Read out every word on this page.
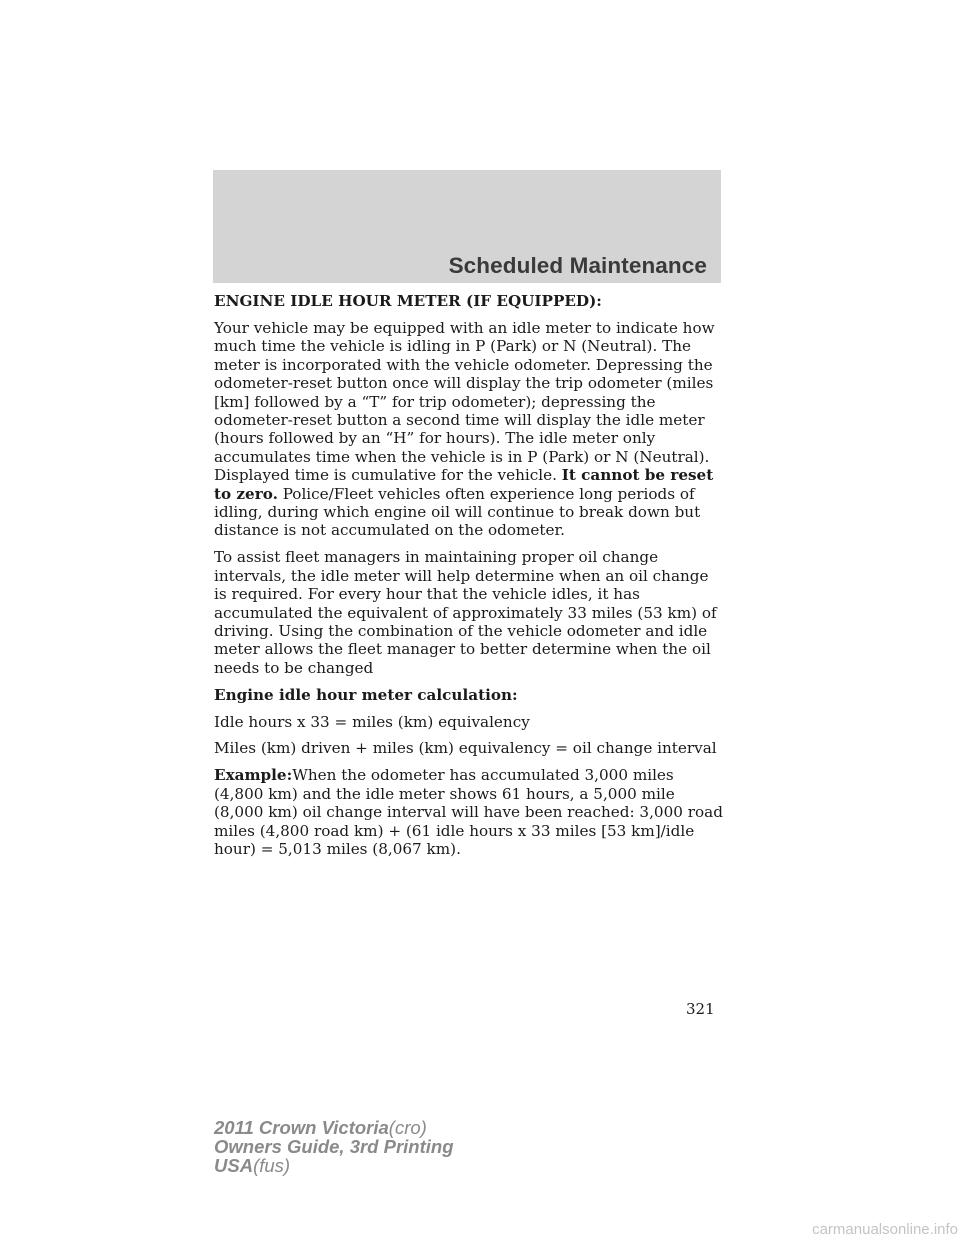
Scheduled Maintenance

ENGINE IDLE HOUR METER (IF EQUIPPED):

Your vehicle may be equipped with an idle meter to indicate how much time the vehicle is idling in P (Park) or N (Neutral). The meter is incorporated with the vehicle odometer. Depressing the odometer-reset button once will display the trip odometer (miles [km] followed by a “T” for trip odometer); depressing the odometer-reset button a second time will display the idle meter (hours followed by an “H” for hours). The idle meter only accumulates time when the vehicle is in P (Park) or N (Neutral). Displayed time is cumulative for the vehicle. It cannot be reset to zero. Police/Fleet vehicles often experience long periods of idling, during which engine oil will continue to break down but distance is not accumulated on the odometer.

To assist fleet managers in maintaining proper oil change intervals, the idle meter will help determine when an oil change is required. For every hour that the vehicle idles, it has accumulated the equivalent of approximately 33 miles (53 km) of driving. Using the combination of the vehicle odometer and idle meter allows the fleet manager to better determine when the oil needs to be changed

Engine idle hour meter calculation:

Idle hours x 33 = miles (km) equivalency

Miles (km) driven + miles (km) equivalency = oil change interval

Example:When the odometer has accumulated 3,000 miles (4,800 km) and the idle meter shows 61 hours, a 5,000 mile (8,000 km) oil change interval will have been reached: 3,000 road miles (4,800 road km) + (61 idle hours x 33 miles [53 km]/idle hour) = 5,013 miles (8,067 km).

321
2011 Crown Victoria(cro)
Owners Guide, 3rd Printing
USA(fus)
carmanualsonline.info
